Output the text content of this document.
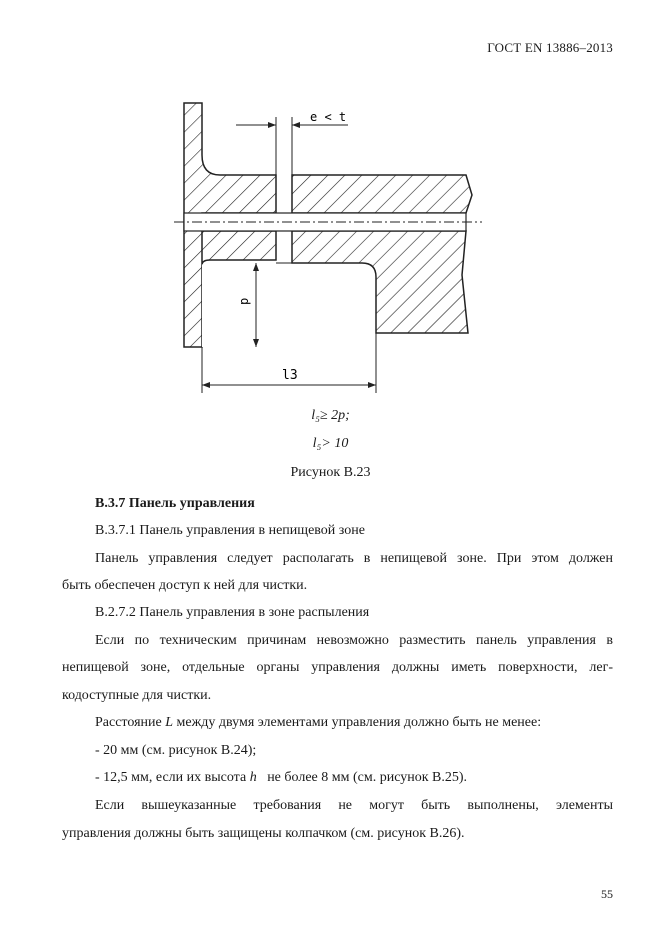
ГОСТ EN 13886–2013
e < t
p
l3
l₅≥ 2p;
l₅> 10
Рисунок В.23
В.3.7 Панель управления
В.3.7.1 Панель управления в непищевой зоне
Панель управления следует располагать в непищевой зоне. При этом должен
быть обеспечен доступ к ней для чистки.
В.2.7.2 Панель управления в зоне распыления
Если по техническим причинам невозможно разместить панель управления в
непищевой зоне, отдельные органы управления должны иметь поверхности, лег-
кодоступные для чистки.
Расстояние L между двумя элементами управления должно быть не менее:
- 20 мм (см. рисунок В.24);
- 12,5 мм, если их высота h   не более 8 мм (см. рисунок В.25).
Если вышеуказанные требования не могут быть выполнены, элементы
управления должны быть защищены колпачком (см. рисунок В.26).
55
